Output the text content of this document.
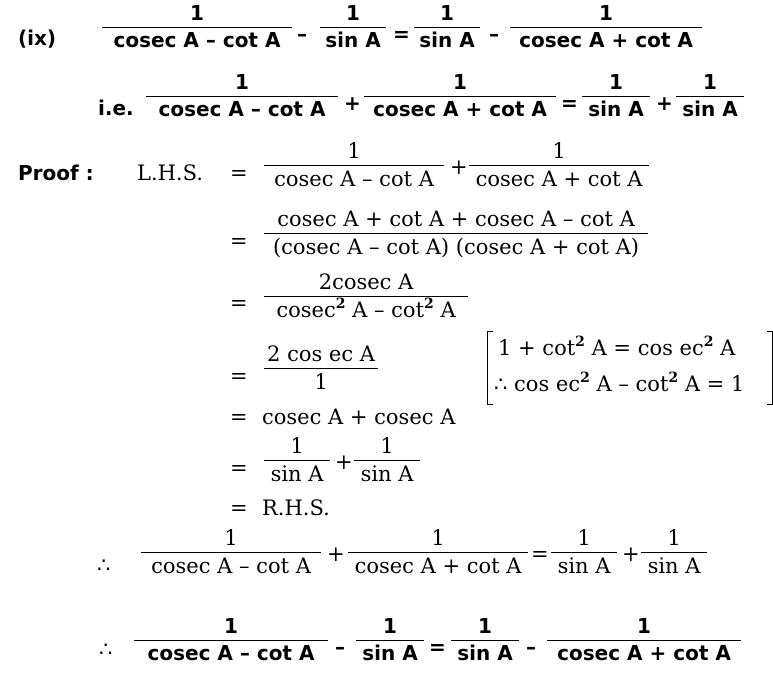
(ix)
1
cosec A – cot A –
1
sin A =
1
sin A –
1
cosec A + cot A
i.e.
1
cosec A – cot A +
1
cosec A + cot A =
1
sin A +
1
sin A
Proof : L.H.S. =
1
cosec A – cot A
+
1
cosec A + cot A
=
cosec A + cot A + cosec A – cot A
(cosec A – cot A) (cosec A + cot A)
=
2cosec A
cosec$^2$ A – $\cot^2 A$
=
2 cos ec A
1
$1 + \cot^2 A = \cos ec^2$ A
∴ $\cos ec^2$ $A - \cot^2 A = 1$
= cosec A + cosec A
=
1
sin A
+
1
sin A
= R.H.S.
∴
1
cosec A – cot A
+
1
cosec A + cot A
=
1
sin A
+
1
sin A
∴
1
cosec A – cot A –
1
sin A =
1
sin A –
1
cosec A + cot A
